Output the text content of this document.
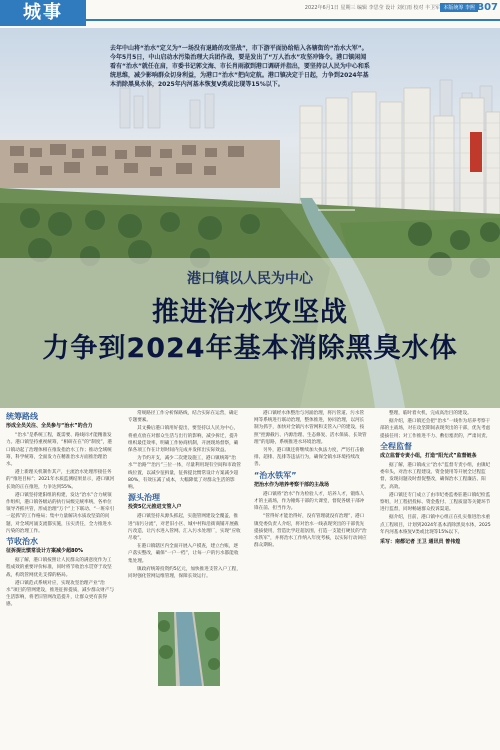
城事	2022年6月1日 星期三 编辑 李思莹 设计 刘红雨 校对 丰卫军 本版统筹 李熙 B07

去年中山将“治水”定义为“一场没有退路的攻坚战”，市下游平面协给贴入各辖街的“治水大军”。今年5月5日，中山启动水污染治理大兵团作战，要是发出了“万人治水”攻坚冲锋令。港口镇闲闻看有“治水”就任在肩，市委书记郭文海、市长肖雨淑到港口调研并指出，要坚持以人民为中心和系统思维，减少影响群众切身利益，为港口“治水”把向定航。港口镇决定于日起，力争到2024年基本消除黑臭水体，2025年内河基本恢复V类或比现等15%以下。

港口镇以人民为中心
推进治水攻坚战
力争到2024年基本消除黑臭水体
统筹路线
形成全员关注、全员参与“治水”的合力

“治水”是系统工程，既需要、路线同才能精准发力。港口镇坚持重视统筹，“相研在在”的“制度”，港口镇动起了治理体相在推发指治水工作；推动全域统筹，科学统筹，全面发力在精准治水方面推治理治水。

港上新理关机制作其产，主流治水处理形接任务的“推进目标”；2021年水质监测结果显示，港口镇河长效的正在推进，力争达到55%。

港口镇坚持建阳组的构建，发达“治水”合力统领作组织，港口镇各级站的执行局级完统率统，各单位领导齐抓共管，形成治理“万个”上下联动、“一班牵引一起抓”的工作格局；集中力量解决水质攻坚第的问题，对全域河涌支流都实施，压实责任，全力推进水污染的治理工作。

节收治水
征拆提比惯常设计方案减少超80%

据了解，港口镇按照让人民群众的满意度作为工程成效的重要评价标准，同时将节收治水贯穿于攻坚战，构筑管网优先支撑的格局。

港口镇范式系统对应，实现攻坚治理产业“治水”项目的管网建设，推进征拆提质，减少群众财产与生活影响，将老旧管网改造提升，让群众更有获得感。

常规路径工作分析保路线，结合实际在运营，确定专题要素。

其文操后港口镇用好提出，要坚持以人民为中心，将重点放在对群众生活与出行的影响，减少拆迁，提升组织最佳效率，明确工作协商机制，开展现场督察，确保各项工作在计划时间内完成并发挥出实际效益。

为节约开支，减少二次建设施工，港口镇统筹“治水”“治路”“治污”三位一体，尽量利用现有空间和市政管线位置，以减少征拆量，征拆提比惯常设计方案减少超80%，有效压减了成本，大幅降低了对群众生活的影响。

源头治理
投资5亿元推进支管入户

港口镇坚持从源头抓起，实施管网建设全覆盖，推进“雨污分流”，对老旧小区、城中村和沿街商铺开展截污改造，让污水进入管网、汇入污水处理厂，实现“应收尽收”。

在港口镇辖区内全面开展入户摸查，建立台账，逐户落实整改，确保“一户一档”，让每一户的污水都能收集处理。

镇政府统筹投资约5亿元，加快推进支管入户工程，同时强化管网运维管理，保障长效运行。

港口镇经水体整治与河涌治理，将污管道、污水管网等系统进行联动治理，整体推进，协同治理，以河长制为抓手，加快对全镇污水管网和支管入户的建设，按照“控源截污、内源治理、生态修复、活水保质、长效管理”的思路，系统推进水环境治理。

另外，港口镇还将继续加大执法力度，严厉打击偷排、超排、乱排等违法行为，确保全镇水环境持续改善。

“治水铁军”
把治水作为培养考察干部的主战场

港口镇将“治水”作为检验人才，培养人才，锻炼人才的主战场，作为锤炼干部的大课堂，督促各级干部冲锋在前、担当作为。

“管得好才能治得好，没有管理就没有治理”，港口镇党委负责人介绍，将对治水一线表现突出的干部优先提拔使用，营造比学赶超氛围，打造一支能打硬仗的“治水铁军”，并将治水工作纳入年度考核，以实际行动回应群众期盼。

整理，临时着火机，完成高治目的建设。

据介绍，港口镇还会把“治水”一线作为培养考察干部的主战场，对在攻坚期间表现突出的干部，优先考虑提拔任用；对工作推进不力、敷衍塞责的，严肃问责。

全程监督
成立监督专责小组，打造“阳光式”监督链条

据了解，港口镇成立“治水”监督专责小组，由镇纪委牵头，对治水工程建设、资金使用等开展全过程监督，发现问题及时督促整改，确保治水工程廉洁、阳光、高效。

港口镇还专门成立了由市纪委监委驻港口镇纪检监察组，对工程招投标、资金拨付、工程质量等关键环节进行监督，同时畅通群众投诉渠道。

据介绍，目前，港口镇中心组正在扎实推进治水重点工程项目，计划到2024年基本消除黑臭水体，2025年内河基本恢复Ⅴ类或比现等15%以下。

采写：南都记者 王卫 通讯员 曾伟煌
